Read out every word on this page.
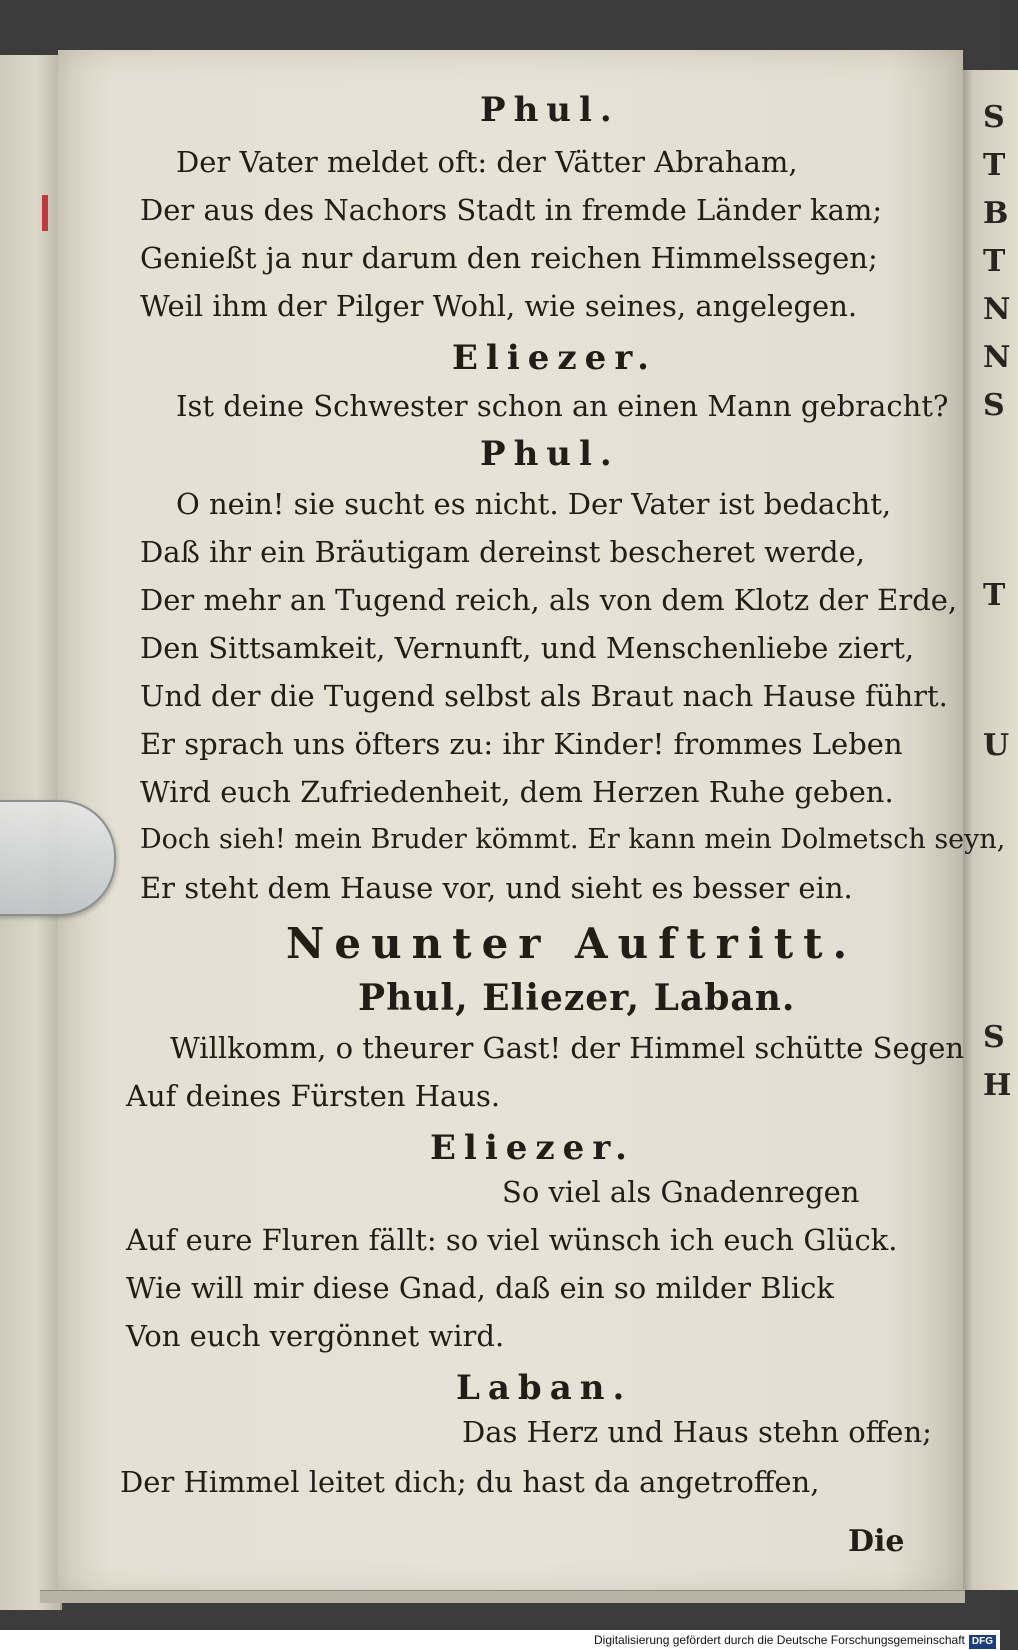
S
T
B
T
N
N
S
T
U
S
H
Phul.
Der Vater meldet oft: der Vätter Abraham,
Der aus des Nachors Stadt in fremde Länder kam;
Genießt ja nur darum den reichen Himmelssegen;
Weil ihm der Pilger Wohl, wie seines, angelegen.
Eliezer.
Ist deine Schwester schon an einen Mann gebracht?
Phul.
O nein! sie sucht es nicht. Der Vater ist bedacht,
Daß ihr ein Bräutigam dereinst bescheret werde,
Der mehr an Tugend reich, als von dem Klotz der Erde,
Den Sittsamkeit, Vernunft, und Menschenliebe ziert,
Und der die Tugend selbst als Braut nach Hause führt.
Er sprach uns öfters zu: ihr Kinder! frommes Leben
Wird euch Zufriedenheit, dem Herzen Ruhe geben.
Doch sieh! mein Bruder kömmt. Er kann mein Dolmetsch seyn,
Er steht dem Hause vor, und sieht es besser ein.
Neunter Auftritt.
Phul, Eliezer, Laban.
Willkomm, o theurer Gast! der Himmel schütte Segen
Auf deines Fürsten Haus.
Eliezer.
So viel als Gnadenregen
Auf eure Fluren fällt: so viel wünsch ich euch Glück.
Wie will mir diese Gnad, daß ein so milder Blick
Von euch vergönnet wird.
Laban.
Das Herz und Haus stehn offen;
Der Himmel leitet dich; du hast da angetroffen,
Die
Digitalisierung gefördert durch die Deutsche Forschungsgemeinschaft DFG
